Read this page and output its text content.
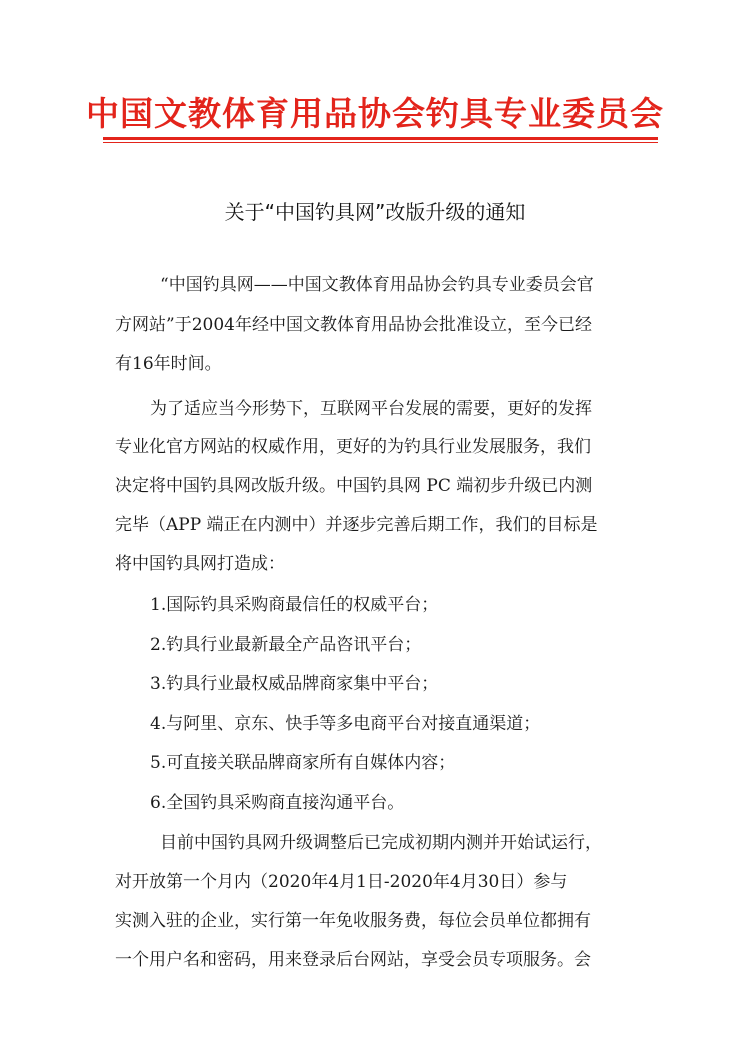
中国文教体育用品协会钓具专业委员会
关于“中国钓具网”改版升级的通知
“中国钓具网——中国文教体育用品协会钓具专业委员会官
方网站”于2004年经中国文教体育用品协会批准设立，至今已经
有16年时间。
为了适应当今形势下，互联网平台发展的需要，更好的发挥
专业化官方网站的权威作用，更好的为钓具行业发展服务，我们
决定将中国钓具网改版升级。中国钓具网 PC 端初步升级已内测
完毕（APP 端正在内测中）并逐步完善后期工作，我们的目标是
将中国钓具网打造成：
1.国际钓具采购商最信任的权威平台；
2.钓具行业最新最全产品咨讯平台；
3.钓具行业最权威品牌商家集中平台；
4.与阿里、京东、快手等多电商平台对接直通渠道；
5.可直接关联品牌商家所有自媒体内容；
6.全国钓具采购商直接沟通平台。
目前中国钓具网升级调整后已完成初期内测并开始试运行，
对开放第一个月内（2020年4月1日-2020年4月30日）参与
实测入驻的企业，实行第一年免收服务费，每位会员单位都拥有
一个用户名和密码，用来登录后台网站，享受会员专项服务。会
